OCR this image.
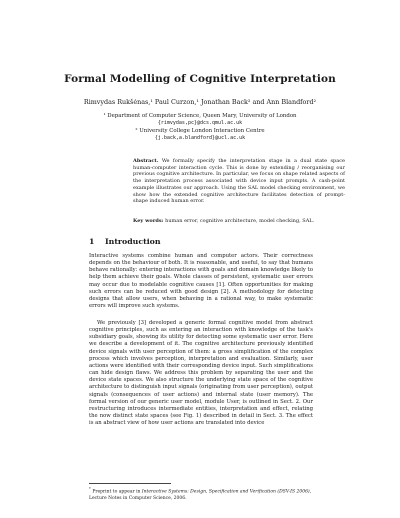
Formal Modelling of Cognitive Interpretation
Rimvydas Rukšėnas,¹ Paul Curzon,¹ Jonathan Back² and Ann Blandford²
¹ Department of Computer Science, Queen Mary, University of London
{rimvydas,pc}@dcs.qmul.ac.uk
² University College London Interaction Centre
{j.back,a.blandford}@ucl.ac.uk
Abstract. We formally specify the interpretation stage in a dual state space human-computer interaction cycle. This is done by extending / reorganising our previous cognitive architecture. In particular, we focus on shape related aspects of the interpretation process associated with device input prompts. A cash-point example illustrates our approach. Using the SAL model checking environment, we show how the extended cognitive architecture facilitates detection of prompt-shape induced human error.
Key words: human error, cognitive architecture, model checking, SAL.
1 Introduction

Interactive systems combine human and computer actors. Their correctness depends on the behaviour of both. It is reasonable, and useful, to say that humans behave rationally: entering interactions with goals and domain knowledge likely to help them achieve their goals. Whole classes of persistent, systematic user errors may occur due to modelable cognitive causes [1]. Often opportunities for making such errors can be reduced with good design [2]. A methodology for detecting designs that allow users, when behaving in a rational way, to make systematic errors will improve such systems.

We previously [3] developed a generic formal cognitive model from abstract cognitive principles, such as entering an interaction with knowledge of the task's subsidiary goals, showing its utility for detecting some systematic user error. Here we describe a development of it. The cognitive architecture previously identified device signals with user perception of them: a gross simplification of the complex process which involves perception, interpretation and evaluation. Similarly, user actions were identified with their corresponding device input. Such simplifications can hide design flaws. We address this problem by separating the user and the device state spaces. We also structure the underlying state space of the cognitive architecture to distinguish input signals (originating from user perception), output signals (consequences of user actions) and internal state (user memory). The formal version of our generic user model, module User, is outlined in Sect. 2. Our restructuring introduces intermediate entities, interpretation and effect, relating the now distinct state spaces (see Fig. 1) described in detail in Sect. 3. The effect is an abstract view of how user actions are translated into device

* Preprint to appear in Interactive Systems: Design, Specification and Verification (DSV-IS 2006), Lecture Notes in Computer Science, 2006.
